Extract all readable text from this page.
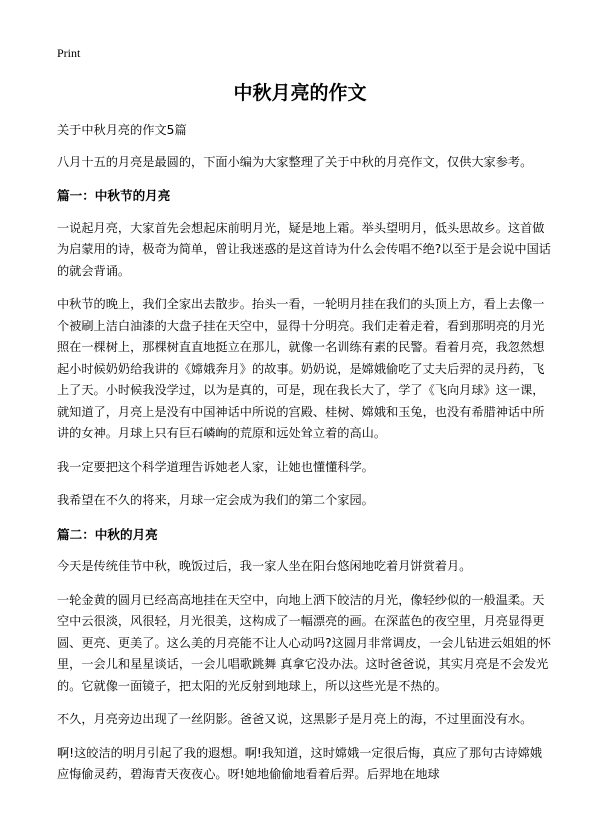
Print
中秋月亮的作文

关于中秋月亮的作文5篇

八月十五的月亮是最圆的，下面小编为大家整理了关于中秋的月亮作文，仅供大家参考。

篇一：中秋节的月亮

一说起月亮，大家首先会想起床前明月光，疑是地上霜。举头望明月，低头思故乡。这首做为启蒙用的诗，极奇为简单，曾让我迷惑的是这首诗为什么会传唱不绝?以至于是会说中国话的就会背诵。

中秋节的晚上，我们全家出去散步。抬头一看，一轮明月挂在我们的头顶上方，看上去像一个被刷上洁白油漆的大盘子挂在天空中，显得十分明亮。我们走着走着，看到那明亮的月光照在一棵树上，那棵树直直地挺立在那儿，就像一名训练有素的民警。看着月亮，我忽然想起小时候奶奶给我讲的《嫦娥奔月》的故事。奶奶说，是嫦娥偷吃了丈夫后羿的灵丹药，飞上了天。小时候我没学过，以为是真的，可是，现在我长大了，学了《飞向月球》这一课，就知道了，月亮上是没有中国神话中所说的宫殿、桂树、嫦娥和玉兔，也没有希腊神话中所讲的女神。月球上只有巨石嶙峋的荒原和远处耸立着的高山。

我一定要把这个科学道理告诉她老人家，让她也懂懂科学。

我希望在不久的将来，月球一定会成为我们的第二个家园。

篇二：中秋的月亮

今天是传统佳节中秋，晚饭过后，我一家人坐在阳台悠闲地吃着月饼赏着月。

一轮金黄的圆月已经高高地挂在天空中，向地上洒下皎洁的月光，像轻纱似的一般温柔。天空中云很淡，风很轻，月光很美，这构成了一幅漂亮的画。在深蓝色的夜空里，月亮显得更圆、更亮、更美了。这么美的月亮能不让人心动吗?这圆月非常调皮，一会儿钻进云姐姐的怀里，一会儿和星星谈话，一会儿唱歌跳舞 真拿它没办法。这时爸爸说，其实月亮是不会发光的。它就像一面镜子，把太阳的光反射到地球上，所以这些光是不热的。

不久，月亮旁边出现了一丝阴影。爸爸又说，这黑影子是月亮上的海，不过里面没有水。

啊!这皎洁的明月引起了我的遐想。啊!我知道，这时嫦娥一定很后悔，真应了那句古诗嫦娥应悔偷灵药，碧海青天夜夜心。呀!她地偷偷地看着后羿。后羿地在地球
